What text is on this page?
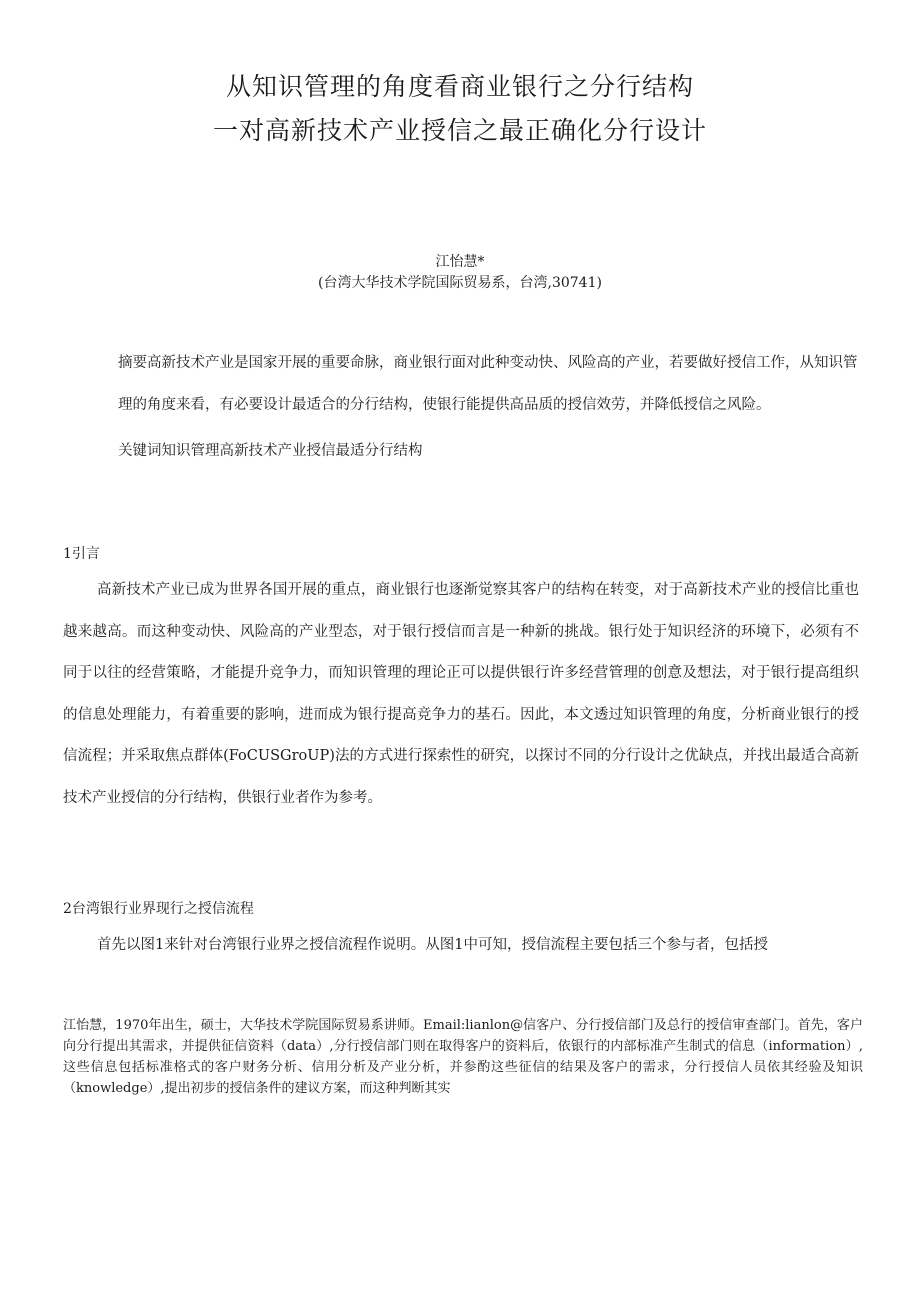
从知识管理的角度看商业银行之分行结构
一对高新技术产业授信之最正确化分行设计
江怡慧*
(台湾大华技术学院国际贸易系，台湾,30741)

摘要高新技术产业是国家开展的重要命脉，商业银行面对此种变动快、风险高的产业，若要做好授信工作，从知识管理的角度来看，有必要设计最适合的分行结构，使银行能提供高品质的授信效劳，并降低授信之风险。

关键词知识管理高新技术产业授信最适分行结构

1引言

高新技术产业已成为世界各国开展的重点，商业银行也逐渐觉察其客户的结构在转变，对于高新技术产业的授信比重也越来越高。而这种变动快、风险高的产业型态，对于银行授信而言是一种新的挑战。银行处于知识经济的环境下，必须有不同于以往的经营策略，才能提升竞争力，而知识管理的理论正可以提供银行许多经营管理的创意及想法，对于银行提高组织的信息处理能力，有着重要的影响，进而成为银行提高竞争力的基石。因此，本文透过知识管理的角度，分析商业银行的授信流程；并采取焦点群体(FoCUSGroUP)法的方式进行探索性的研究，以探讨不同的分行设计之优缺点，并找出最适合高新技术产业授信的分行结构，供银行业者作为参考。

2台湾银行业界现行之授信流程

首先以图1来针对台湾银行业界之授信流程作说明。从图1中可知，授信流程主要包括三个参与者，包括授

江怡慧，1970年出生，硕士，大华技术学院国际贸易系讲师。Email:lianlon@信客户、分行授信部门及总行的授信审查部门。首先，客户向分行提出其需求，并提供征信资料（data）,分行授信部门则在取得客户的资料后，依银行的内部标准产生制式的信息（information）,这些信息包括标准格式的客户财务分析、信用分析及产业分析，并参酌这些征信的结果及客户的需求，分行授信人员依其经验及知识（knowledge）,提出初步的授信条件的建议方案，而这种判断其实
